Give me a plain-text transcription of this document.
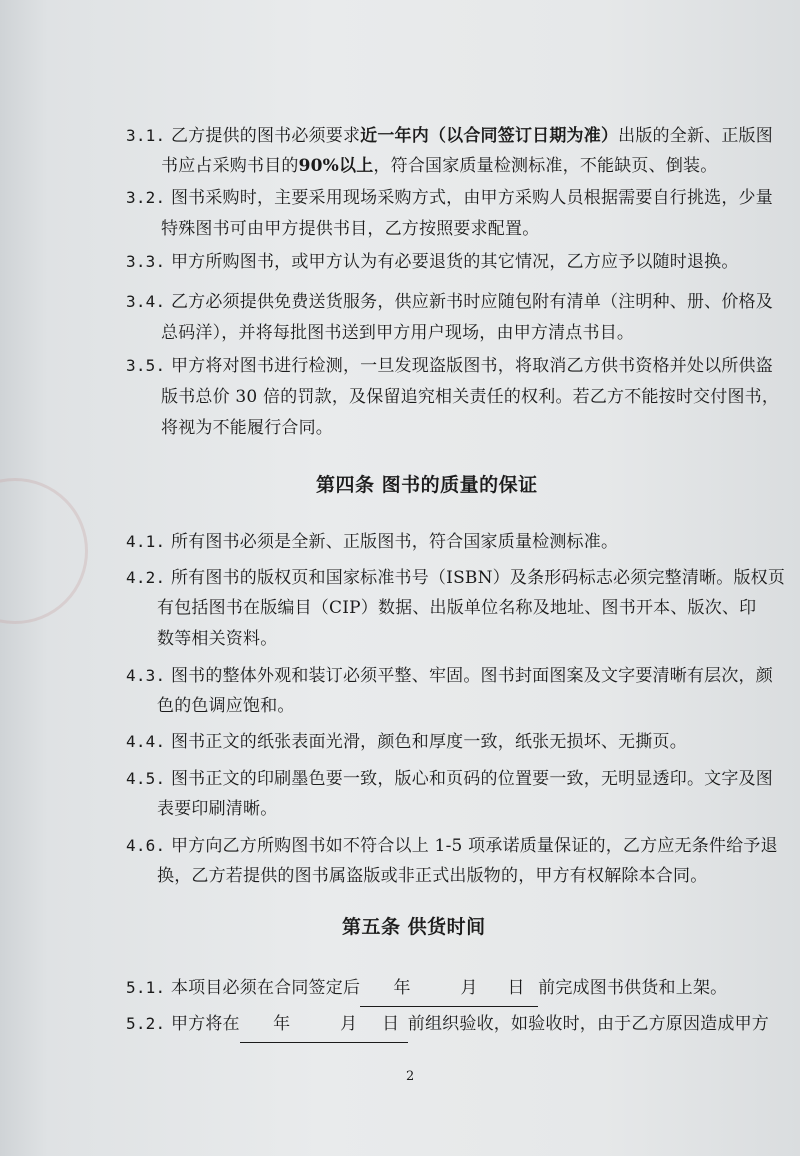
3.1. 乙方提供的图书必须要求近一年内（以合同签订日期为准）出版的全新、正版图
书应占采购书目的90%以上，符合国家质量检测标准，不能缺页、倒装。
3.2. 图书采购时，主要采用现场采购方式，由甲方采购人员根据需要自行挑选，少量
特殊图书可由甲方提供书目，乙方按照要求配置。
3.3. 甲方所购图书，或甲方认为有必要退货的其它情况，乙方应予以随时退换。
3.4. 乙方必须提供免费送货服务，供应新书时应随包附有清单（注明种、册、价格及
总码洋），并将每批图书送到甲方用户现场，由甲方清点书目。
3.5. 甲方将对图书进行检测，一旦发现盗版图书，将取消乙方供书资格并处以所供盗
版书总价 30 倍的罚款，及保留追究相关责任的权利。若乙方不能按时交付图书，
将视为不能履行合同。
第四条 图书的质量的保证
4.1. 所有图书必须是全新、正版图书，符合国家质量检测标准。
4.2. 所有图书的版权页和国家标准书号（ISBN）及条形码标志必须完整清晰。版权页
有包括图书在版编目（CIP）数据、出版单位名称及地址、图书开本、版次、印
数等相关资料。
4.3. 图书的整体外观和装订必须平整、牢固。图书封面图案及文字要清晰有层次，颜
色的色调应饱和。
4.4. 图书正文的纸张表面光滑，颜色和厚度一致，纸张无损坏、无撕页。
4.5. 图书正文的印刷墨色要一致，版心和页码的位置要一致，无明显透印。文字及图
表要印刷清晰。
4.6. 甲方向乙方所购图书如不符合以上 1-5 项承诺质量保证的，乙方应无条件给予退
换，乙方若提供的图书属盗版或非正式出版物的，甲方有权解除本合同。
第五条 供货时间
5.1. 本项目必须在合同签定后 年	月 日 前完成图书供货和上架。
5.2. 甲方将在 年	月 日 前组织验收，如验收时，由于乙方原因造成甲方
2
